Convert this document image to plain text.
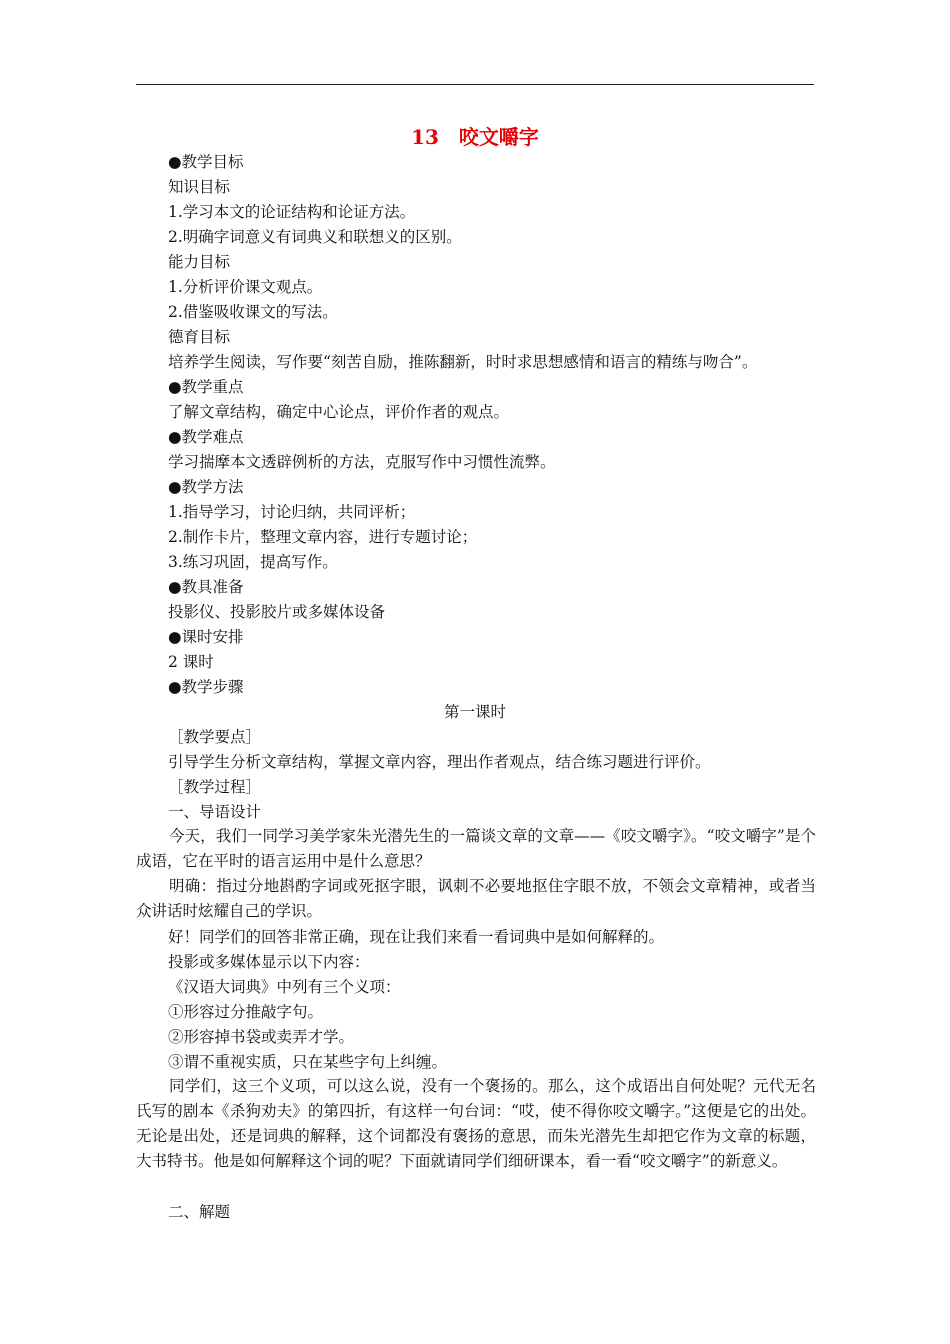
13　咬文嚼字
●教学目标
知识目标
1.学习本文的论证结构和论证方法。
2.明确字词意义有词典义和联想义的区别。
能力目标
1.分析评价课文观点。
2.借鉴吸收课文的写法。
德育目标
培养学生阅读，写作要“刻苦自励，推陈翻新，时时求思想感情和语言的精练与吻合”。
●教学重点
了解文章结构，确定中心论点，评价作者的观点。
●教学难点
学习揣摩本文透辟例析的方法，克服写作中习惯性流弊。
●教学方法
1.指导学习，讨论归纳，共同评析；
2.制作卡片，整理文章内容，进行专题讨论；
3.练习巩固，提高写作。
●教具准备
投影仪、投影胶片或多媒体设备
●课时安排
2 课时
●教学步骤
第一课时
［教学要点］
引导学生分析文章结构，掌握文章内容，理出作者观点，结合练习题进行评价。
［教学过程］
一、导语设计

今天，我们一同学习美学家朱光潜先生的一篇谈文章的文章——《咬文嚼字》。“咬文嚼字”是个成语，它在平时的语言运用中是什么意思？

明确：指过分地斟酌字词或死抠字眼，讽刺不必要地抠住字眼不放，不领会文章精神，或者当众讲话时炫耀自己的学识。

好！同学们的回答非常正确，现在让我们来看一看词典中是如何解释的。
投影或多媒体显示以下内容：
《汉语大词典》中列有三个义项：
①形容过分推敲字句。
②形容掉书袋或卖弄才学。
③谓不重视实质，只在某些字句上纠缠。

同学们，这三个义项，可以这么说，没有一个褒扬的。那么，这个成语出自何处呢？元代无名氏写的剧本《杀狗劝夫》的第四折，有这样一句台词：“哎，使不得你咬文嚼字。”这便是它的出处。无论是出处，还是词典的解释，这个词都没有褒扬的意思，而朱光潜先生却把它作为文章的标题，大书特书。他是如何解释这个词的呢？下面就请同学们细研课本，看一看“咬文嚼字”的新意义。

二、解题
